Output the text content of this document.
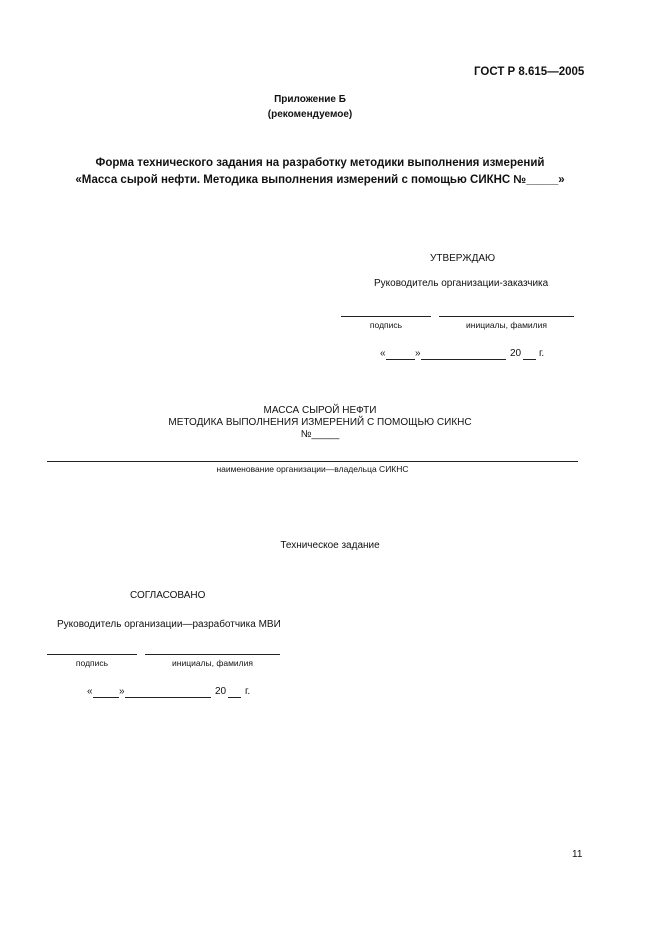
ГОСТ Р 8.615—2005
Приложение Б
(рекомендуемое)
Форма технического задания на разработку методики выполнения измерений
«Масса сырой нефти. Методика выполнения измерений с помощью СИКНС №_____»
УТВЕРЖДАЮ
Руководитель организации-заказчика
подпись	инициалы, фамилия
«	»	20 г.
МАССА СЫРОЙ НЕФТИ
МЕТОДИКА ВЫПОЛНЕНИЯ ИЗМЕРЕНИЙ С ПОМОЩЬЮ СИКНС
№_____
наименование организации—владельца СИКНС
Техническое задание
СОГЛАСОВАНО
Руководитель организации—разработчика МВИ
подпись	инициалы, фамилия
«	»	20 г.
11
